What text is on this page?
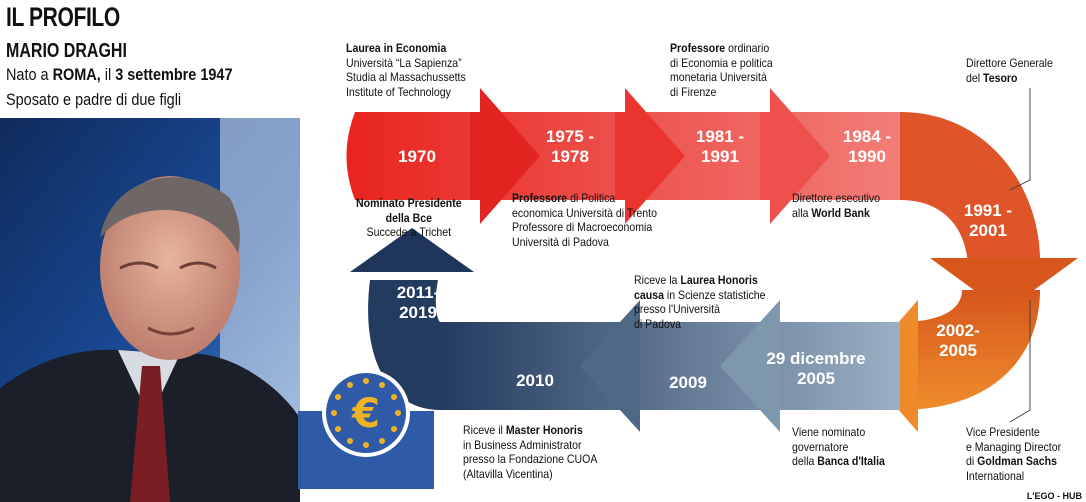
IL PROFILO
MARIO DRAGHI
Nato a ROMA, il 3 settembre 1947
Sposato e padre di due figli
1970
1975 -
1978
1981 -
1991
1984 -
1990
1991 -
2001
2002-
2005
29 dicembre
2005
2009
2010
2011-
2019
€
Laurea in Economia
Università “La Sapienza”
Studia al Massachussetts
Institute of Technology
Professore di Politica
economica Università di Trento
Professore di Macroeconomia
Università di Padova
Professore ordinario
di Economia e politica
monetaria Università
di Firenze
Direttore esecutivo
alla World Bank
Direttore Generale
del Tesoro
Vice Presidente
e Managing Director
di Goldman Sachs
International
Viene nominato
governatore
della Banca d'Italia
Riceve la Laurea Honoris
causa in Scienze statistiche
presso l'Università
di Padova
Riceve il Master Honoris
in Business Administrator
presso la Fondazione CUOA
(Altavilla Vicentina)
Nominato Presidente
della Bce
Succede a Trichet
L'EGO - HUB
